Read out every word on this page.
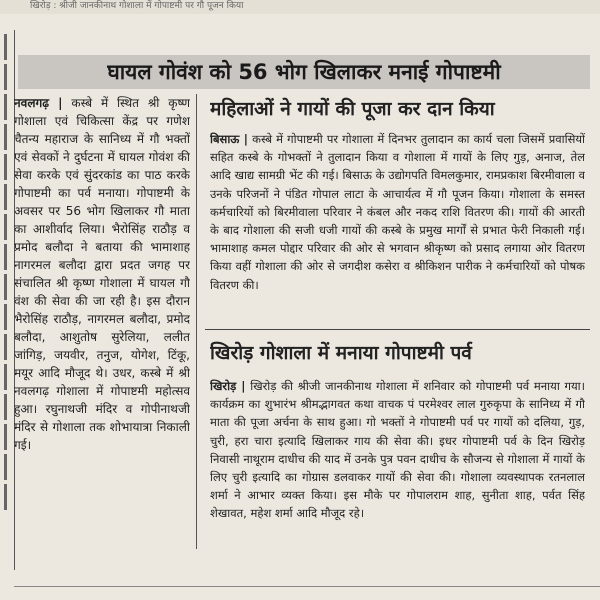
खिरोड़ : श्रीजी जानकीनाथ गोशाला में गोपाष्टमी पर गौ पूजन किया
घायल गोवंश को 56 भोग खिलाकर मनाई गोपाष्टमी

नवलगढ़ | कस्बे में स्थित श्री कृष्ण गोशाला एवं चिकित्सा केंद्र पर गणेश चैतन्य महाराज के सानिध्य में गौ भक्तों एवं सेवकों ने दुर्घटना में घायल गोवंश की सेवा करके एवं सुंदरकांड का पाठ करके गोपाष्टमी का पर्व मनाया। गोपाष्टमी के अवसर पर 56 भोग खिलाकर गौ माता का आशीर्वाद लिया। भैरोसिंह राठौड़ व प्रमोद बलौदा ने बताया की भामाशाह नागरमल बलौदा द्वारा प्रदत जगह पर संचालित श्री कृष्ण गोशाला में घायल गौ वंश की सेवा की जा रही है। इस दौरान भैरोसिंह राठौड़, नागरमल बलौदा, प्रमोद बलौदा, आशुतोष सुरेलिया, ललीत जांगिड़, जयवीर, तनुज, योगेश, टिंकू, मयूर आदि मौजूद थे। उधर, कस्बे में श्री नवलगढ़ गोशाला में गोपाष्टमी महोत्सव हुआ। रघुनाथजी मंदिर व गोपीनाथजी मंदिर से गोशाला तक शोभायात्रा निकाली गई।

महिलाओं ने गायों की पूजा कर दान किया

बिसाऊ | कस्बे में गोपाष्टमी पर गोशाला में दिनभर तुलादान का कार्य चला जिसमें प्रवासियों सहित कस्बे के गोभक्तों ने तुलादान किया व गोशाला में गायों के लिए गुड़, अनाज, तेल आदि खाद्य सामग्री भेंट की गई। बिसाऊ के उद्योगपति विमलकुमार, रामप्रकाश बिरमीवाला व उनके परिजनों ने पंडित गोपाल लाटा के आचार्यत्व में गौ पूजन किया। गोशाला के समस्त कर्मचारियों को बिरमीवाला परिवार ने कंबल और नकद राशि वितरण की। गायों की आरती के बाद गोशाला की सजी धजी गायों की कस्बे के प्रमुख मार्गों से प्रभात फेरी निकाली गई। भामाशाह कमल पोद्दार परिवार की ओर से भगवान श्रीकृष्ण को प्रसाद लगाया ओर वितरण किया वहीं गोशाला की ओर से जगदीश कसेरा व श्रीकिशन पारीक ने कर्मचारियों को पोषक वितरण की।

खिरोड़ गोशाला में मनाया गोपाष्टमी पर्व

खिरोड़ | खिरोड़ की श्रीजी जानकीनाथ गोशाला में शनिवार को गोपाष्टमी पर्व मनाया गया। कार्यक्रम का शुभारंभ श्रीमद्भागवत कथा वाचक पं परमेश्वर लाल गुरुकृपा के सानिध्य में गौ माता की पूजा अर्चना के साथ हुआ। गो भक्तों ने गोपाष्टमी पर्व पर गायों को दलिया, गुड़, चुरी, हरा चारा इत्यादि खिलाकर गाय की सेवा की। इधर गोपाष्टमी पर्व के दिन खिरोड़ निवासी नाथूराम दाधीच की याद में उनके पुत्र पवन दाधीच के सौजन्य से गोशाला में गायों के लिए चुरी इत्यादि का गोग्रास डलवाकर गायों की सेवा की। गोशाला व्यवस्थापक रतनलाल शर्मा ने आभार व्यक्त किया। इस मौके पर गोपालराम शाह, सुनीता शाह, पर्वत सिंह शेखावत, महेश शर्मा आदि मौजूद रहे।
